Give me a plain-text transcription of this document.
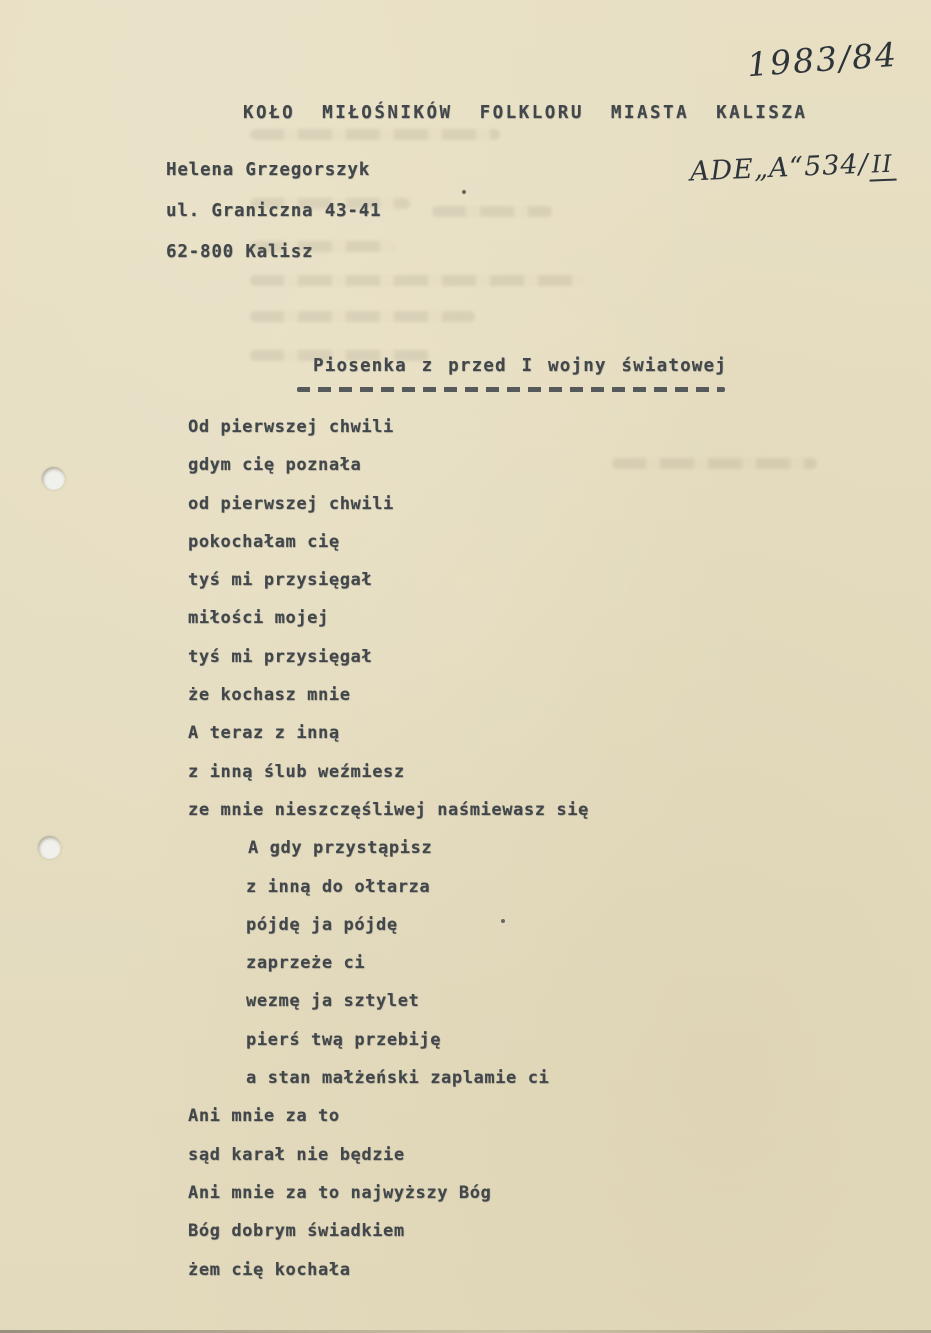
1983/84
ADE„A“534/II
KOŁO MIŁOŚNIKÓW FOLKLORU MIASTA KALISZA
Helena Grzegorszyk
ul. Graniczna 43-41
62-800 Kalisz
Piosenka z przed I wojny światowej
Od pierwszej chwili
gdym cię poznała
od pierwszej chwili
pokochałam cię
tyś mi przysięgał
miłości mojej
tyś mi przysięgał
że kochasz mnie
A teraz z inną
z inną ślub weźmiesz
ze mnie nieszczęśliwej naśmiewasz się
A gdy przystąpisz
z inną do ołtarza
pójdę ja pójdę
zaprzeże ci
wezmę ja sztylet
pierś twą przebiję
a stan małżeński zaplamie ci
Ani mnie za to
sąd karał nie będzie
Ani mnie za to najwyższy Bóg
Bóg dobrym świadkiem
żem cię kochała
